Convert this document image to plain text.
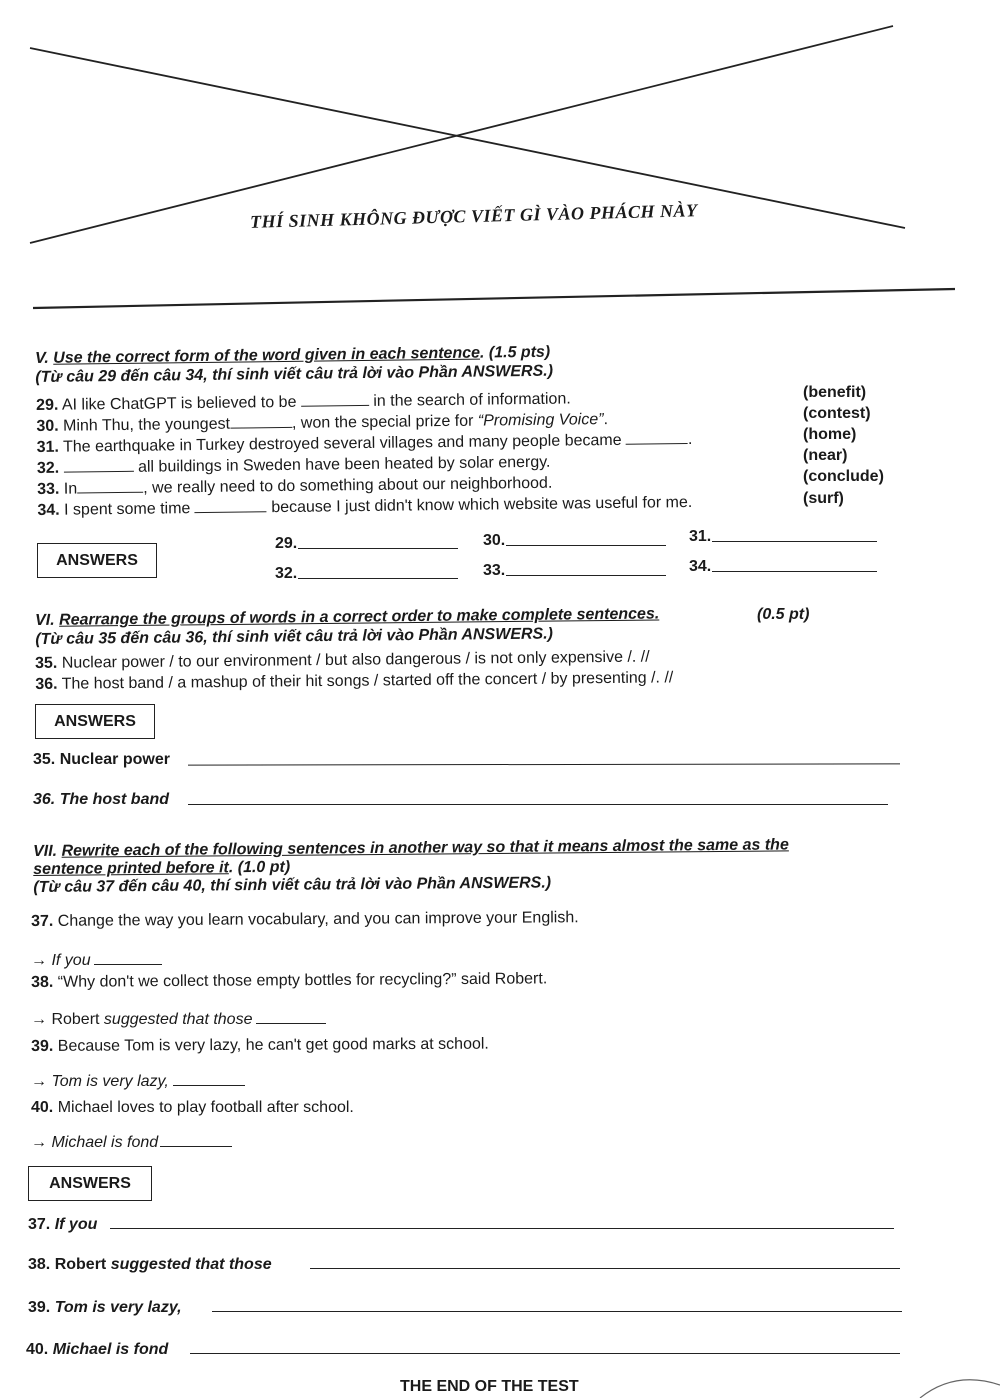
THÍ SINH KHÔNG ĐƯỢC VIẾT GÌ VÀO PHÁCH NÀY
V. Use the correct form of the word given in each sentence. (1.5 pts)
(Từ câu 29 đến câu 34, thí sinh viết câu trả lời vào Phần ANSWERS.)
29. AI like ChatGPT is believed to be	in the search of information.
30. Minh Thu, the youngest	, won the special prize for “Promising Voice”.
31. The earthquake in Turkey destroyed several villages and many people became	.
32.	all buildings in Sweden have been heated by solar energy.
33. In	, we really need to do something about our neighborhood.
34. I spent some time	because I just didn't know which website was useful for me.
(benefit)
(contest)
(home)
(near)
(conclude)
(surf)
ANSWERS
29.	30.	31.
32.	33.	34.
VI. Rearrange the groups of words in a correct order to make complete sentences.
(Từ câu 35 đến câu 36, thí sinh viết câu trả lời vào Phần ANSWERS.)
(0.5 pt)
35. Nuclear power / to our environment / but also dangerous / is not only expensive /. //
36. The host band / a mashup of their hit songs / started off the concert / by presenting /. //
ANSWERS
35. Nuclear power
36. The host band
VII. Rewrite each of the following sentences in another way so that it means almost the same as the
sentence printed before it. (1.0 pt)
(Từ câu 37 đến câu 40, thí sinh viết câu trả lời vào Phần ANSWERS.)
37. Change the way you learn vocabulary, and you can improve your English.
→ If you
38. “Why don't we collect those empty bottles for recycling?” said Robert.
→ Robert suggested that those
39. Because Tom is very lazy, he can't get good marks at school.
→ Tom is very lazy,
40. Michael loves to play football after school.
→ Michael is fond
ANSWERS
37. If you
38. Robert suggested that those
39. Tom is very lazy,
40. Michael is fond
THE END OF THE TEST
